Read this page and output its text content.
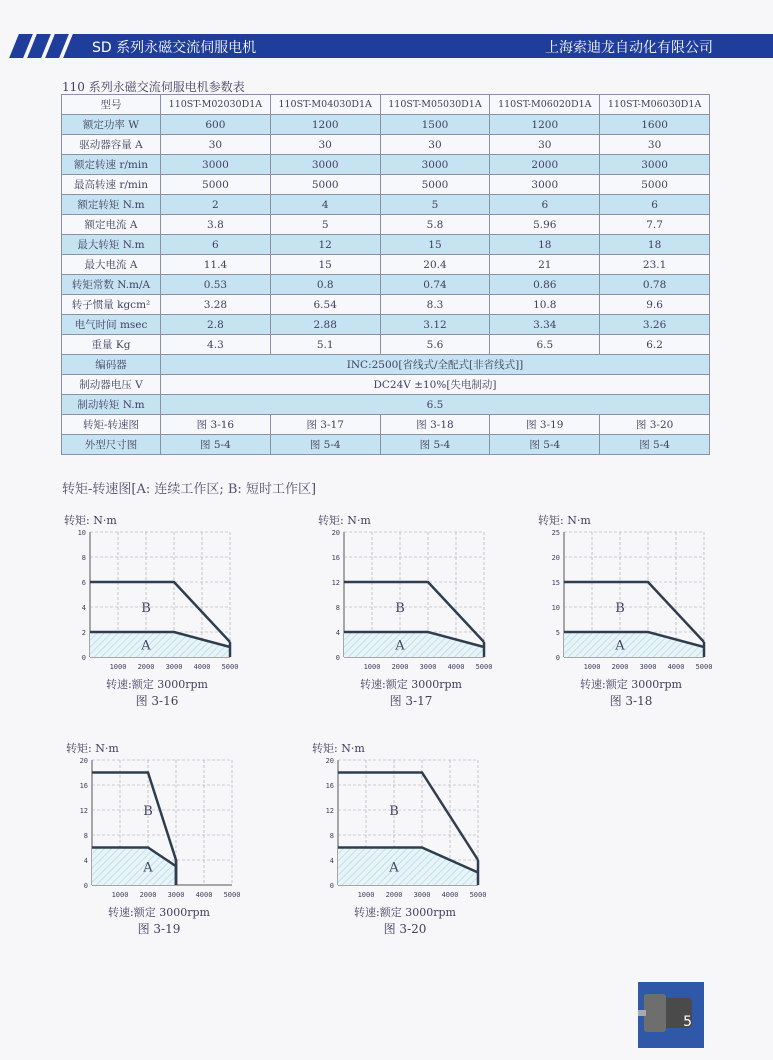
SD 系列永磁交流伺服电机	上海索迪龙自动化有限公司
110 系列永磁交流伺服电机参数表
型号	110ST-M02030D1A	110ST-M04030D1A	110ST-M05030D1A	110ST-M06020D1A	110ST-M06030D1A
额定功率 W	600	1200	1500	1200	1600
驱动器容量 A	30	30	30	30	30
额定转速 r/min	3000	3000	3000	2000	3000
最高转速 r/min	5000	5000	5000	3000	5000
额定转矩 N.m	2	4	5	6	6
额定电流 A	3.8	5	5.8	5.96	7.7
最大转矩 N.m	6	12	15	18	18
最大电流 A	11.4	15	20.4	21	23.1
转矩常数 N.m/A	0.53	0.8	0.74	0.86	0.78
转子惯量 kgcm²	3.28	6.54	8.3	10.8	9.6
电气时间 msec	2.8	2.88	3.12	3.34	3.26
重量 Kg	4.3	5.1	5.6	6.5	6.2
编码器	INC:2500[省线式/全配式[非省线式]]				
制动器电压 V	DC24V ±10%[失电制动]				
制动转矩 N.m	6.5				
转矩-转速图	图 3-16	图 3-17	图 3-18	图 3-19	图 3-20
外型尺寸图	图 5-4	图 5-4	图 5-4	图 5-4	图 5-4
转矩-转速图[A: 连续工作区; B: 短时工作区]
转矩: N·m
转速:额定 3000rpm
图 3-16
0
2
4
6
8
10
1000 2000 3000 4000 5000
B
A
转矩: N·m
转速:额定 3000rpm
图 3-17
0
4
8
12
16
20
1000 2000 3000 4000 5000
B
A
转矩: N·m
转速:额定 3000rpm
图 3-18
0
5
10
15
20
25
1000 2000 3000 4000 5000
B
A
转矩: N·m
转速:额定 3000rpm
图 3-19
0
4
8
12
16
20
1000 2000 3000 4000 5000
B
A
转矩: N·m
转速:额定 3000rpm
图 3-20
0
4
8
12
16
20
1000 2000 3000 4000 5000
B
A
5
